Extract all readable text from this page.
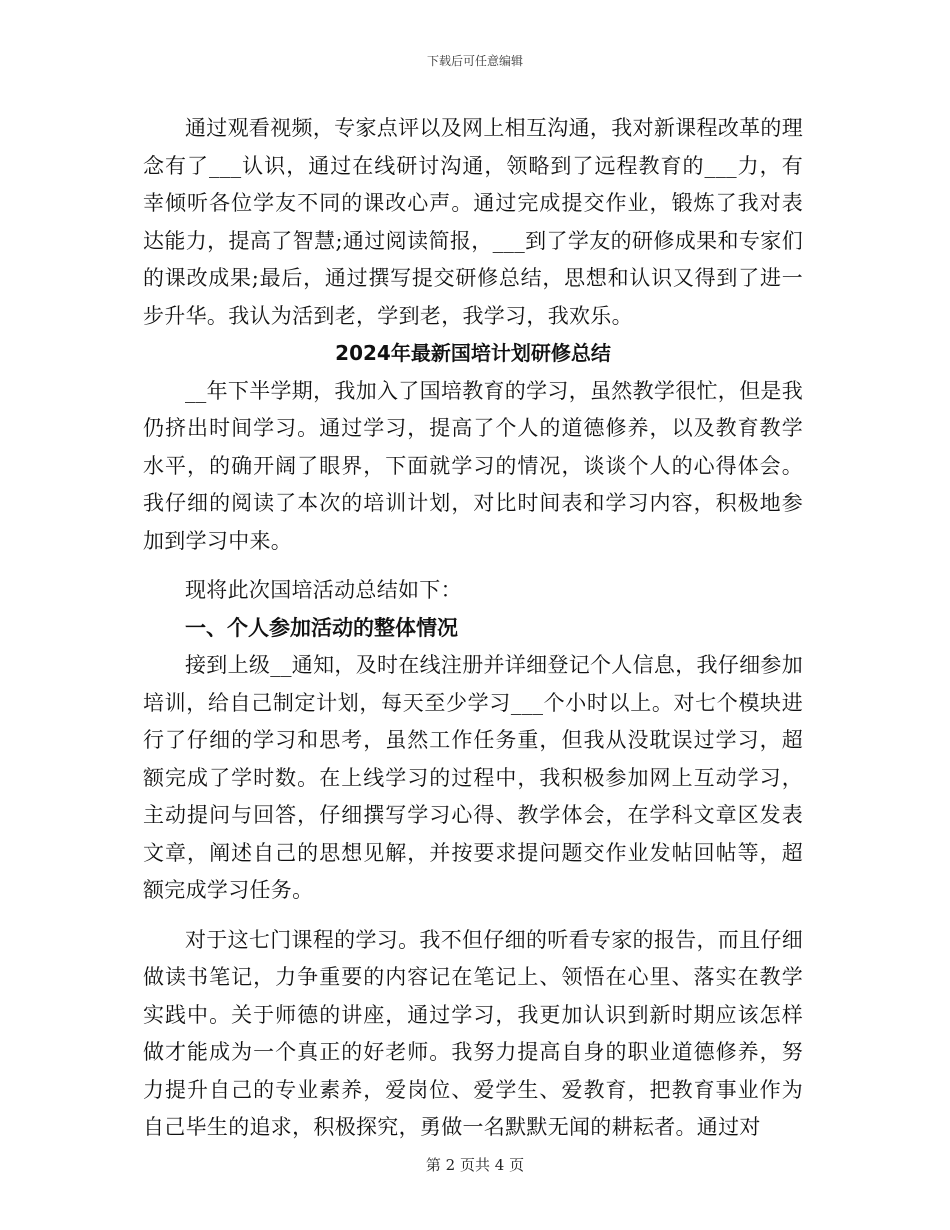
下载后可任意编辑

通过观看视频，专家点评以及网上相互沟通，我对新课程改革的理念有了___认识，通过在线研讨沟通，领略到了远程教育的___力，有幸倾听各位学友不同的课改心声。通过完成提交作业，锻炼了我对表达能力，提高了智慧;通过阅读简报，___到了学友的研修成果和专家们的课改成果;最后，通过撰写提交研修总结，思想和认识又得到了进一步升华。我认为活到老，学到老，我学习，我欢乐。

2024年最新国培计划研修总结

__年下半学期，我加入了国培教育的学习，虽然教学很忙，但是我仍挤出时间学习。通过学习，提高了个人的道德修养，以及教育教学水平，的确开阔了眼界，下面就学习的情况，谈谈个人的心得体会。我仔细的阅读了本次的培训计划，对比时间表和学习内容，积极地参加到学习中来。

现将此次国培活动总结如下：

一、个人参加活动的整体情况

接到上级__通知，及时在线注册并详细登记个人信息，我仔细参加培训，给自己制定计划，每天至少学习___个小时以上。对七个模块进行了仔细的学习和思考，虽然工作任务重，但我从没耽误过学习，超额完成了学时数。在上线学习的过程中，我积极参加网上互动学习，主动提问与回答，仔细撰写学习心得、教学体会，在学科文章区发表文章，阐述自己的思想见解，并按要求提问题交作业发帖回帖等，超额完成学习任务。

对于这七门课程的学习。我不但仔细的听看专家的报告，而且仔细做读书笔记，力争重要的内容记在笔记上、领悟在心里、落实在教学实践中。关于师德的讲座，通过学习，我更加认识到新时期应该怎样做才能成为一个真正的好老师。我努力提高自身的职业道德修养，努力提升自己的专业素养，爱岗位、爱学生、爱教育，把教育事业作为自己毕生的追求，积极探究，勇做一名默默无闻的耕耘者。通过对

第 2 页共 4 页
